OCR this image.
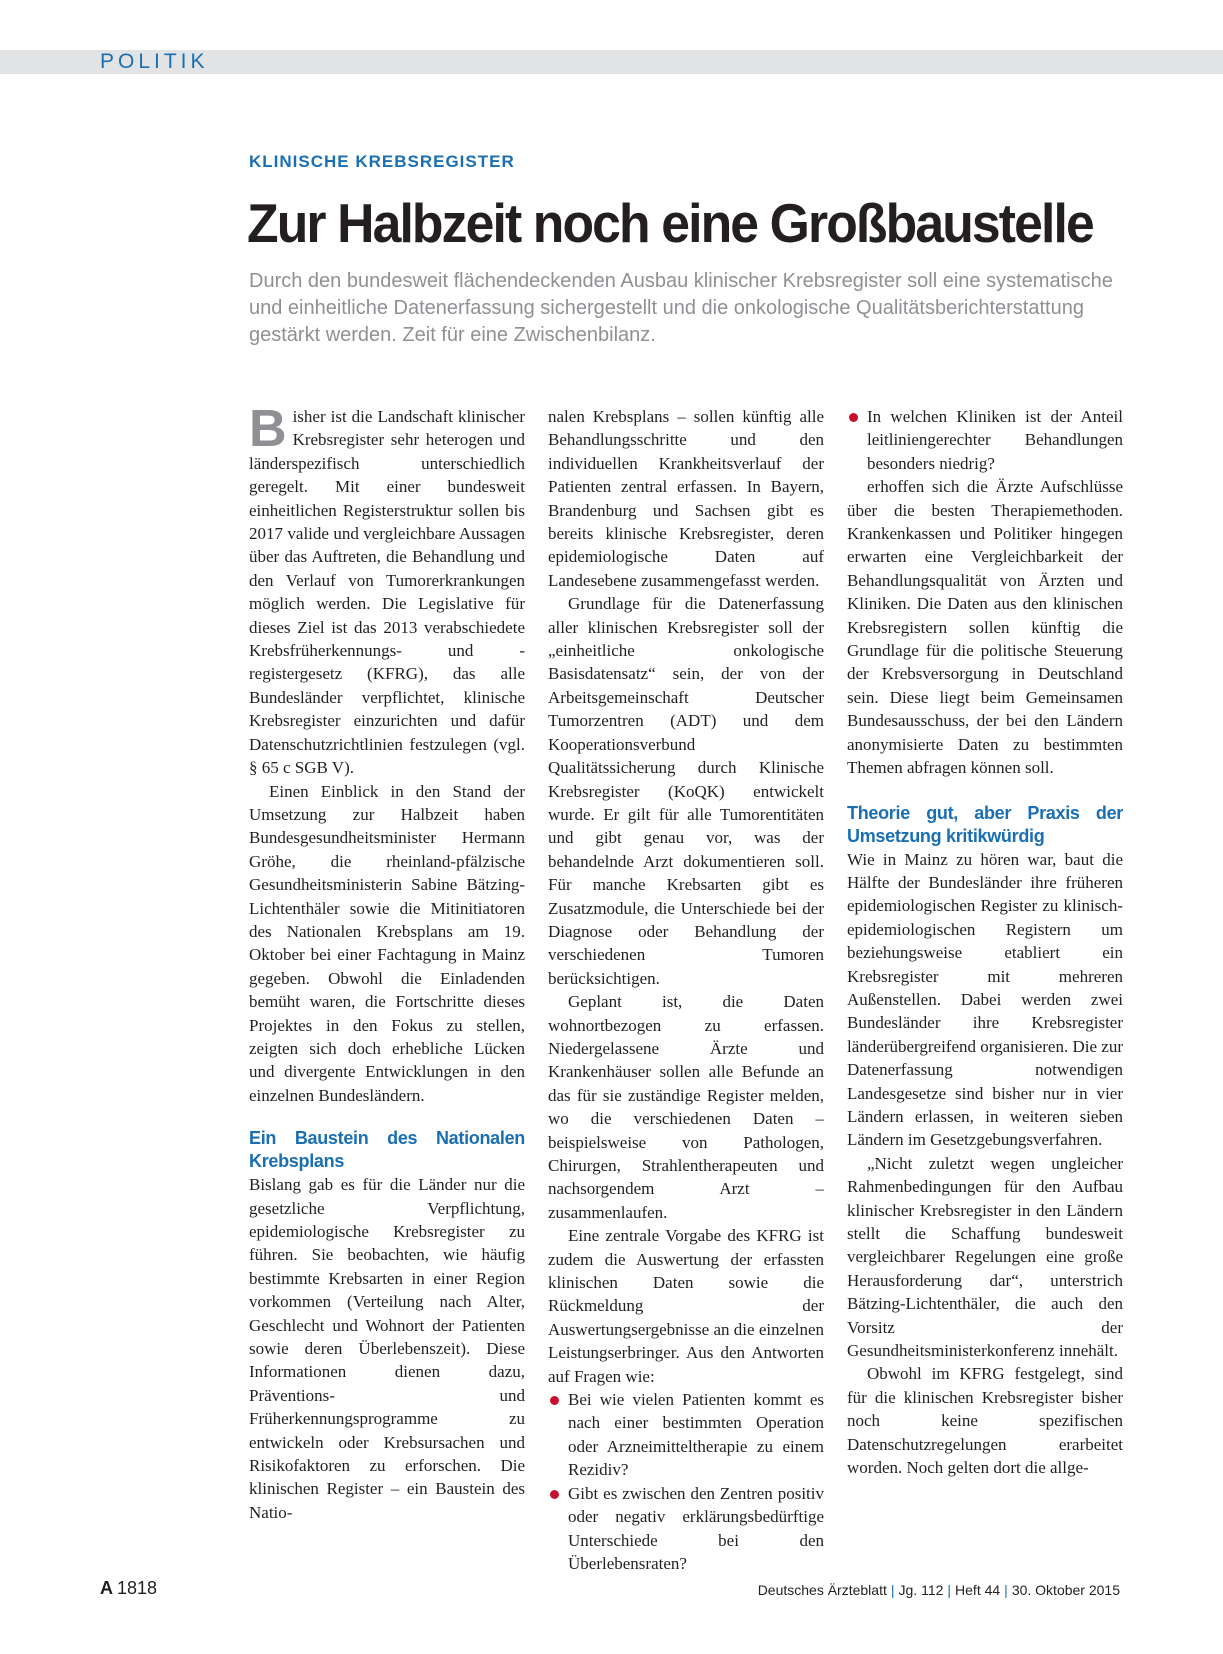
POLITIK
KLINISCHE KREBSREGISTER
Zur Halbzeit noch eine Großbaustelle

Durch den bundesweit flächendeckenden Ausbau klinischer Krebsregister soll eine systematische und einheitliche Datenerfassung sichergestellt und die onkologische Qualitätsberichterstattung gestärkt werden. Zeit für eine Zwischenbilanz.

Bisher ist die Landschaft klinischer Krebsregister sehr heterogen und länderspezifisch unterschiedlich geregelt. Mit einer bundesweit einheitlichen Registerstruktur sollen bis 2017 valide und vergleichbare Aussagen über das Auftreten, die Behandlung und den Verlauf von Tumorerkrankungen möglich werden. Die Legislative für dieses Ziel ist das 2013 verabschiedete Krebsfrüherkennungs- und -registergesetz (KFRG), das alle Bundesländer verpflichtet, klinische Krebsregister einzurichten und dafür Datenschutzrichtlinien festzulegen (vgl. § 65 c SGB V).

Einen Einblick in den Stand der Umsetzung zur Halbzeit haben Bundesgesundheitsminister Hermann Gröhe, die rheinland-pfälzische Gesundheitsministerin Sabine Bätzing-Lichtenthäler sowie die Mitinitiatoren des Nationalen Krebsplans am 19. Oktober bei einer Fachtagung in Mainz gegeben. Obwohl die Einladenden bemüht waren, die Fortschritte dieses Projektes in den Fokus zu stellen, zeigten sich doch erhebliche Lücken und divergente Entwicklungen in den einzelnen Bundesländern.

Ein Baustein des Nationalen Krebsplans

Bislang gab es für die Länder nur die gesetzliche Verpflichtung, epidemiologische Krebsregister zu führen. Sie beobachten, wie häufig bestimmte Krebsarten in einer Region vorkommen (Verteilung nach Alter, Geschlecht und Wohnort der Patienten sowie deren Überlebenszeit). Diese Informationen dienen dazu, Präventions- und Früherkennungsprogramme zu entwickeln oder Krebsursachen und Risikofaktoren zu erforschen. Die klinischen Register – ein Baustein des Natio-

nalen Krebsplans – sollen künftig alle Behandlungsschritte und den individuellen Krankheitsverlauf der Patienten zentral erfassen. In Bayern, Brandenburg und Sachsen gibt es bereits klinische Krebsregister, deren epidemiologische Daten auf Landesebene zusammengefasst werden.

Grundlage für die Datenerfassung aller klinischen Krebsregister soll der „einheitliche onkologische Basisdatensatz“ sein, der von der Arbeitsgemeinschaft Deutscher Tumorzentren (ADT) und dem Kooperationsverbund Qualitätssicherung durch Klinische Krebsregister (KoQK) entwickelt wurde. Er gilt für alle Tumorentitäten und gibt genau vor, was der behandelnde Arzt dokumentieren soll. Für manche Krebsarten gibt es Zusatzmodule, die Unterschiede bei der Diagnose oder Behandlung der verschiedenen Tumoren berücksichtigen.

Geplant ist, die Daten wohnortbezogen zu erfassen. Niedergelassene Ärzte und Krankenhäuser sollen alle Befunde an das für sie zuständige Register melden, wo die verschiedenen Daten – beispielsweise von Pathologen, Chirurgen, Strahlentherapeuten und nachsorgendem Arzt – zusammenlaufen.

Eine zentrale Vorgabe des KFRG ist zudem die Auswertung der erfassten klinischen Daten sowie die Rückmeldung der Auswertungsergebnisse an die einzelnen Leistungserbringer. Aus den Antworten auf Fragen wie:

Bei wie vielen Patienten kommt es nach einer bestimmten Operation oder Arzneimitteltherapie zu einem Rezidiv?
Gibt es zwischen den Zentren positiv oder negativ erklärungsbedürftige Unterschiede bei den Überlebensraten?
In welchen Kliniken ist der Anteil leitliniengerechter Behandlungen besonders niedrig?

erhoffen sich die Ärzte Aufschlüsse über die besten Therapiemethoden. Krankenkassen und Politiker hingegen erwarten eine Vergleichbarkeit der Behandlungsqualität von Ärzten und Kliniken. Die Daten aus den klinischen Krebsregistern sollen künftig die Grundlage für die politische Steuerung der Krebsversorgung in Deutschland sein. Diese liegt beim Gemeinsamen Bundesausschuss, der bei den Ländern anonymisierte Daten zu bestimmten Themen abfragen können soll.

Theorie gut, aber Praxis der Umsetzung kritikwürdig

Wie in Mainz zu hören war, baut die Hälfte der Bundesländer ihre früheren epidemiologischen Register zu klinisch-epidemiologischen Registern um beziehungsweise etabliert ein Krebsregister mit mehreren Außenstellen. Dabei werden zwei Bundesländer ihre Krebsregister länderübergreifend organisieren. Die zur Datenerfassung notwendigen Landesgesetze sind bisher nur in vier Ländern erlassen, in weiteren sieben Ländern im Gesetzgebungsverfahren.

„Nicht zuletzt wegen ungleicher Rahmenbedingungen für den Aufbau klinischer Krebsregister in den Ländern stellt die Schaffung bundesweit vergleichbarer Regelungen eine große Herausforderung dar“, unterstrich Bätzing-Lichtenthäler, die auch den Vorsitz der Gesundheitsministerkonferenz innehält.

Obwohl im KFRG festgelegt, sind für die klinischen Krebsregister bisher noch keine spezifischen Datenschutzregelungen erarbeitet worden. Noch gelten dort die allge-

A 1818	Deutsches Ärzteblatt | Jg. 112 | Heft 44 | 30. Oktober 2015
